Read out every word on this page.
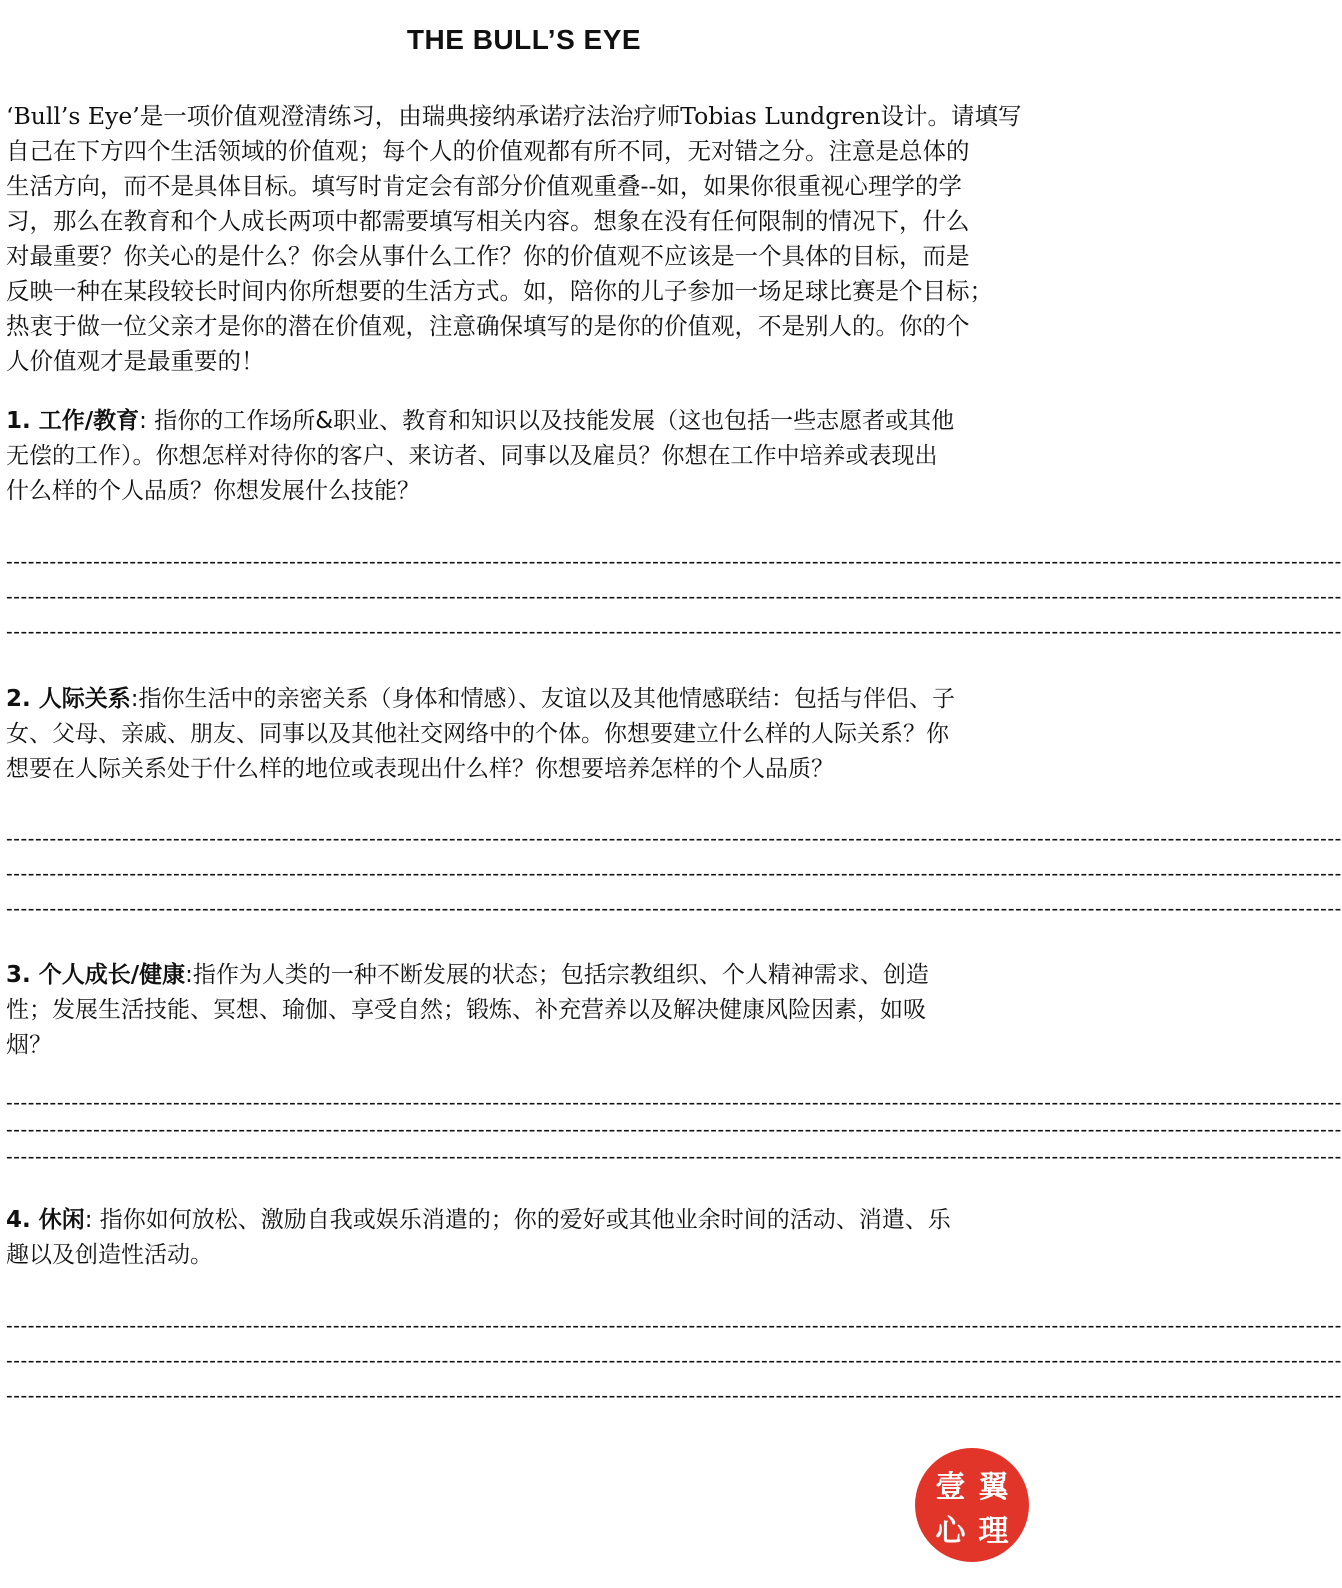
THE BULL’S EYE
‘Bull’s Eye’是一项价值观澄清练习，由瑞典接纳承诺疗法治疗师Tobias Lundgren设计。请填写
自己在下方四个生活领域的价值观；每个人的价值观都有所不同，无对错之分。注意是总体的
生活方向，而不是具体目标。填写时肯定会有部分价值观重叠--如，如果你很重视心理学的学
习，那么在教育和个人成长两项中都需要填写相关内容。想象在没有任何限制的情况下，什么
对最重要？你关心的是什么？你会从事什么工作？你的价值观不应该是一个具体的目标，而是
反映一种在某段较长时间内你所想要的生活方式。如，陪你的儿子参加一场足球比赛是个目标；
热衷于做一位父亲才是你的潜在价值观，注意确保填写的是你的价值观，不是别人的。你的个
人价值观才是最重要的！
1. 工作/教育: 指你的工作场所&职业、教育和知识以及技能发展（这也包括一些志愿者或其他
无偿的工作）。你想怎样对待你的客户、来访者、同事以及雇员？你想在工作中培养或表现出
什么样的个人品质？你想发展什么技能？
----------------------------------------------------------------------------------------------------------------------------------------------------------------------------------------
----------------------------------------------------------------------------------------------------------------------------------------------------------------------------------------
----------------------------------------------------------------------------------------------------------------------------------------------------------------------------------------
2. 人际关系:指你生活中的亲密关系（身体和情感）、友谊以及其他情感联结：包括与伴侣、子
女、父母、亲戚、朋友、同事以及其他社交网络中的个体。你想要建立什么样的人际关系？你
想要在人际关系处于什么样的地位或表现出什么样？你想要培养怎样的个人品质？
----------------------------------------------------------------------------------------------------------------------------------------------------------------------------------------
----------------------------------------------------------------------------------------------------------------------------------------------------------------------------------------
----------------------------------------------------------------------------------------------------------------------------------------------------------------------------------------
3. 个人成长/健康:指作为人类的一种不断发展的状态；包括宗教组织、个人精神需求、创造
性；发展生活技能、冥想、瑜伽、享受自然；锻炼、补充营养以及解决健康风险因素，如吸
烟？
----------------------------------------------------------------------------------------------------------------------------------------------------------------------------------------
----------------------------------------------------------------------------------------------------------------------------------------------------------------------------------------
----------------------------------------------------------------------------------------------------------------------------------------------------------------------------------------
4. 休闲: 指你如何放松、激励自我或娱乐消遣的；你的爱好或其他业余时间的活动、消遣、乐
趣以及创造性活动。
----------------------------------------------------------------------------------------------------------------------------------------------------------------------------------------
----------------------------------------------------------------------------------------------------------------------------------------------------------------------------------------
----------------------------------------------------------------------------------------------------------------------------------------------------------------------------------------
壹 翼
心 理
